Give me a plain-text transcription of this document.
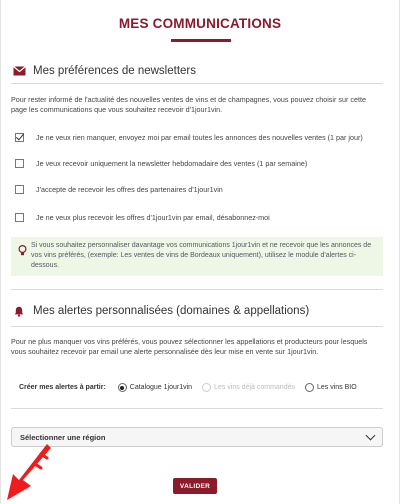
MES COMMUNICATIONS
Mes préférences de newsletters
Pour rester informé de l'actualité des nouvelles ventes de vins et de champagnes, vous pouvez choisir sur cette page les communications que vous souhaitez recevoir d'1jour1vin.
Je ne veux rien manquer, envoyez moi par email toutes les annonces des nouvelles ventes (1 par jour)
Je veux recevoir uniquement la newsletter hebdomadaire des ventes (1 par semaine)
J'accepte de recevoir les offres des partenaires d'1jour1vin
Je ne veux plus recevoir les offres d'1jour1vin par email, désabonnez-moi
Si vous souhaitez personnaliser davantage vos communications 1jour1vin et ne recevoir que les annonces de vos vins préférés, (exemple: Les ventes de vins de Bordeaux uniquement), utilisez le module d'alertes ci-dessous.
Mes alertes personnalisées (domaines & appellations)
Pour ne plus manquer vos vins préférés, vous pouvez sélectionner les appellations et producteurs pour lesquels vous souhaitez recevoir par email une alerte personnalisée dès leur mise en vente sur 1jour1vin.
Créer mes alertes à partir:	Catalogue 1jour1vin	Les vins déjà commandés	Les vins BIO
Sélectionner une région
VALIDER
